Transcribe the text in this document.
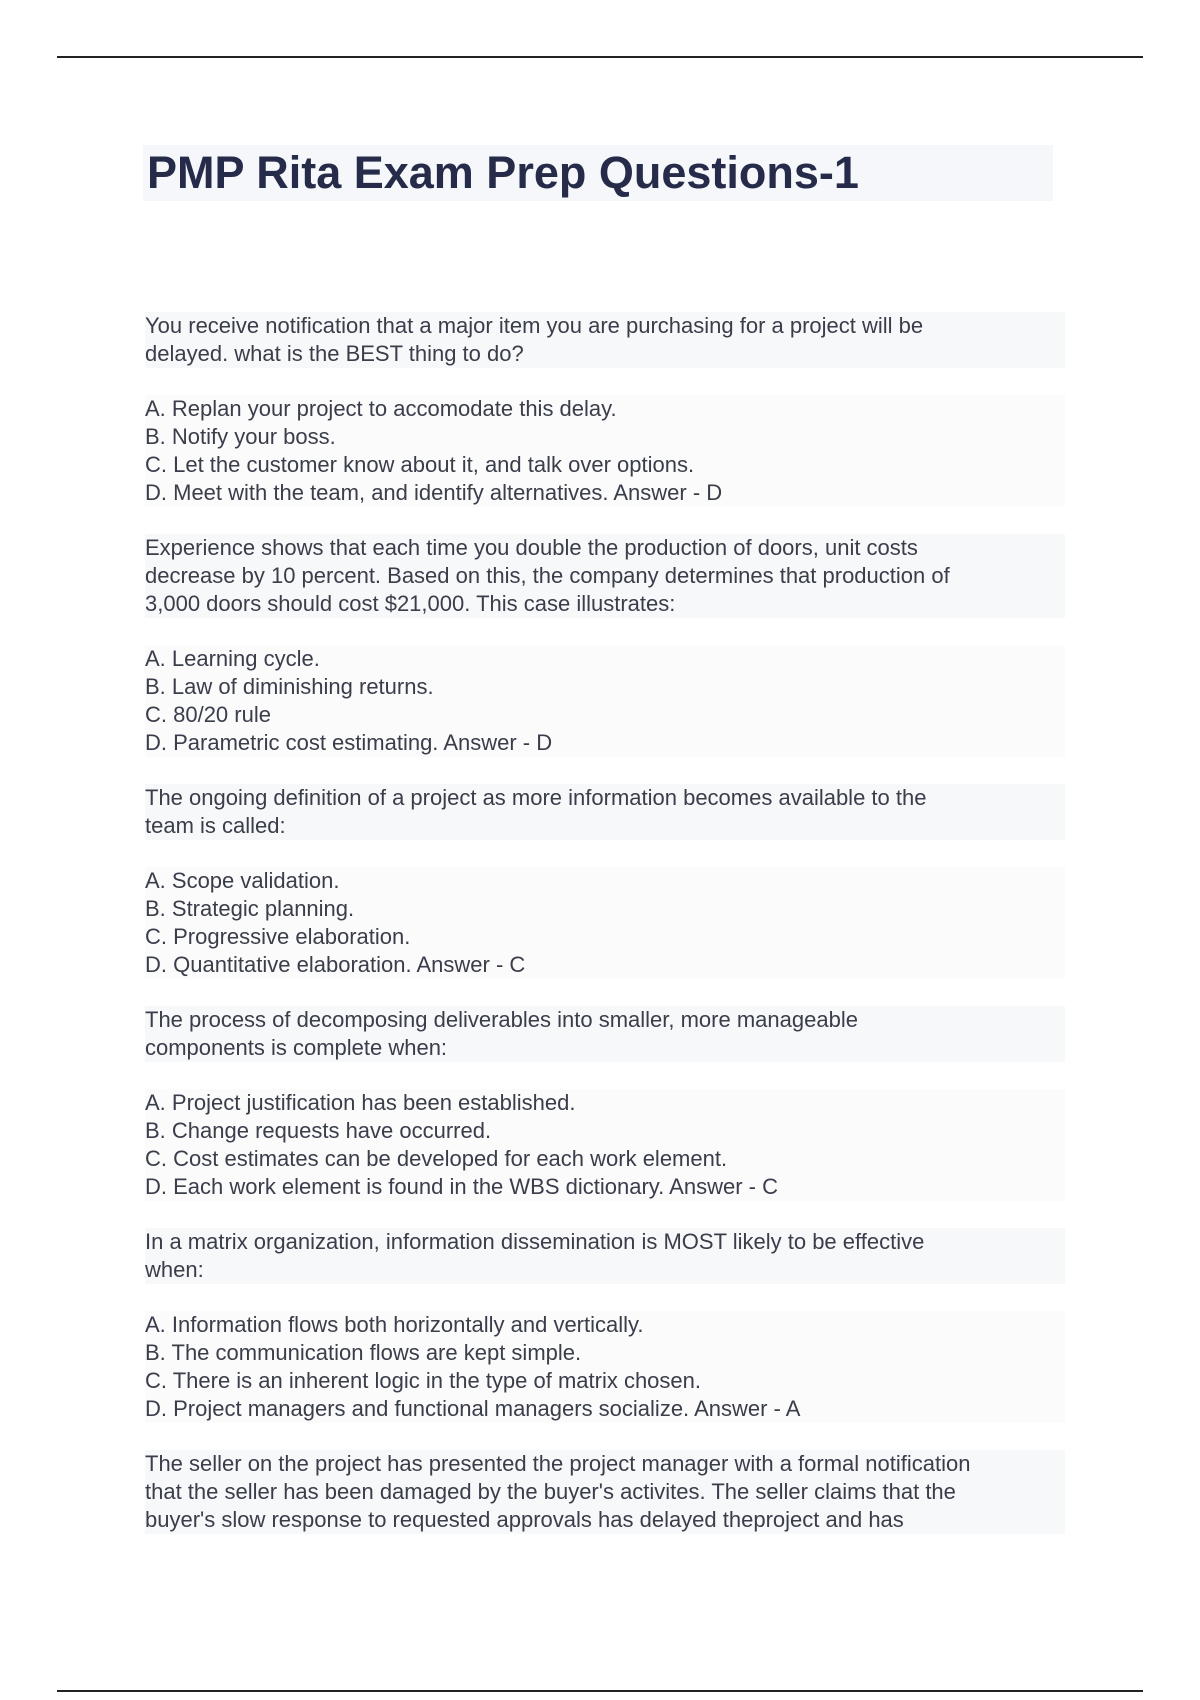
PMP Rita Exam Prep Questions-1

You receive notification that a major item you are purchasing for a project will be
delayed. what is the BEST thing to do?

A. Replan your project to accomodate this delay.
B. Notify your boss.
C. Let the customer know about it, and talk over options.
D. Meet with the team, and identify alternatives. Answer - D

Experience shows that each time you double the production of doors, unit costs
decrease by 10 percent. Based on this, the company determines that production of
3,000 doors should cost $21,000. This case illustrates:

A. Learning cycle.
B. Law of diminishing returns.
C. 80/20 rule
D. Parametric cost estimating. Answer - D

The ongoing definition of a project as more information becomes available to the
team is called:

A. Scope validation.
B. Strategic planning.
C. Progressive elaboration.
D. Quantitative elaboration. Answer - C

The process of decomposing deliverables into smaller, more manageable
components is complete when:

A. Project justification has been established.
B. Change requests have occurred.
C. Cost estimates can be developed for each work element.
D. Each work element is found in the WBS dictionary. Answer - C

In a matrix organization, information dissemination is MOST likely to be effective
when:

A. Information flows both horizontally and vertically.
B. The communication flows are kept simple.
C. There is an inherent logic in the type of matrix chosen.
D. Project managers and functional managers socialize. Answer - A

The seller on the project has presented the project manager with a formal notification
that the seller has been damaged by the buyer's activites. The seller claims that the
buyer's slow response to requested approvals has delayed theproject and has
